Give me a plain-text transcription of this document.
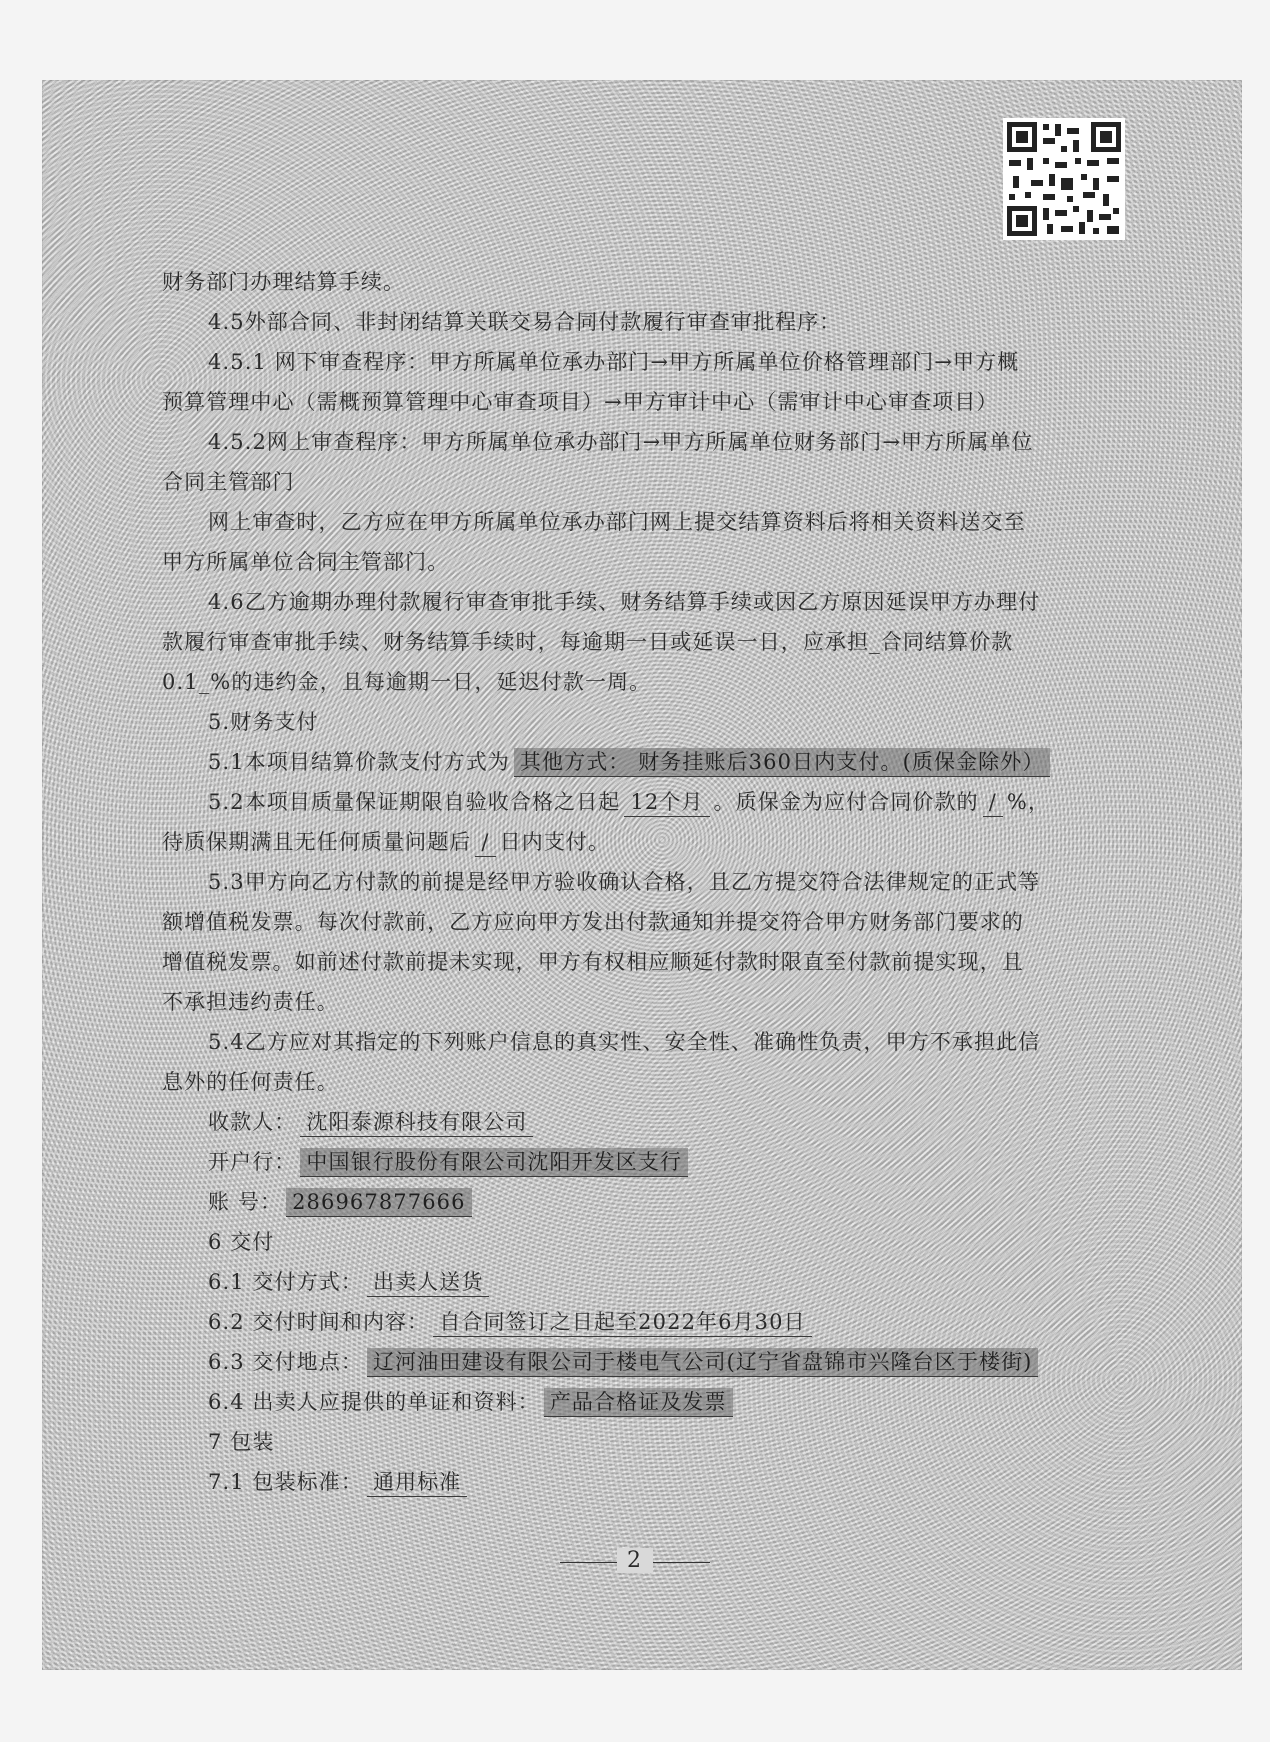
财务部门办理结算手续。
4.5外部合同、非封闭结算关联交易合同付款履行审查审批程序：
4.5.1 网下审查程序：甲方所属单位承办部门→甲方所属单位价格管理部门→甲方概
预算管理中心（需概预算管理中心审查项目）→甲方审计中心（需审计中心审查项目）
4.5.2网上审查程序：甲方所属单位承办部门→甲方所属单位财务部门→甲方所属单位
合同主管部门
网上审查时，乙方应在甲方所属单位承办部门网上提交结算资料后将相关资料送交至
甲方所属单位合同主管部门。
4.6乙方逾期办理付款履行审查审批手续、财务结算手续或因乙方原因延误甲方办理付
款履行审查审批手续、财务结算手续时，每逾期一日或延误一日，应承担_合同结算价款
0.1_%的违约金，且每逾期一日，延迟付款一周。
5.财务支付
5.1本项目结算价款支付方式为 其他方式： 财务挂账后360日内支付。(质保金除外）
5.2本项目质量保证期限自验收合格之日起 12个月 。质保金为应付合同价款的 / %，
待质保期满且无任何质量问题后 / 日内支付。
5.3甲方向乙方付款的前提是经甲方验收确认合格，且乙方提交符合法律规定的正式等
额增值税发票。每次付款前，乙方应向甲方发出付款通知并提交符合甲方财务部门要求的
增值税发票。如前述付款前提未实现，甲方有权相应顺延付款时限直至付款前提实现，且
不承担违约责任。
5.4乙方应对其指定的下列账户信息的真实性、安全性、准确性负责，甲方不承担此信
息外的任何责任。
收款人： 沈阳泰源科技有限公司
开户行： 中国银行股份有限公司沈阳开发区支行
账 号： 286967877666
6 交付
6.1 交付方式： 出卖人送货
6.2 交付时间和内容： 自合同签订之日起至2022年6月30日
6.3 交付地点： 辽河油田建设有限公司于楼电气公司(辽宁省盘锦市兴隆台区于楼街)
6.4 出卖人应提供的单证和资料： 产品合格证及发票
7 包装
7.1 包装标准： 通用标准
2
